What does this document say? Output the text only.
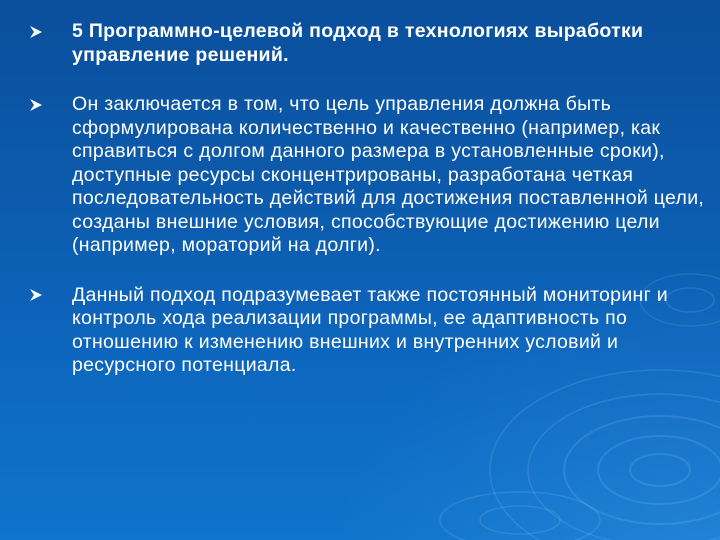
5 Программно-целевой подход в технологиях выработки управление решений.
Он заключается в том, что цель управления должна быть сформулирована количественно и качественно (например, как справиться с долгом данного размера в установленные сроки), доступные ресурсы сконцентрированы, разработана четкая последовательность действий для достижения поставленной цели, созданы внешние условия, способствующие достижению цели (например, мораторий на долги).
Данный подход подразумевает также постоянный мониторинг и контроль хода реализации программы, ее адаптивность по отношению к изменению внешних и внутренних условий и ресурсного потенциала.
